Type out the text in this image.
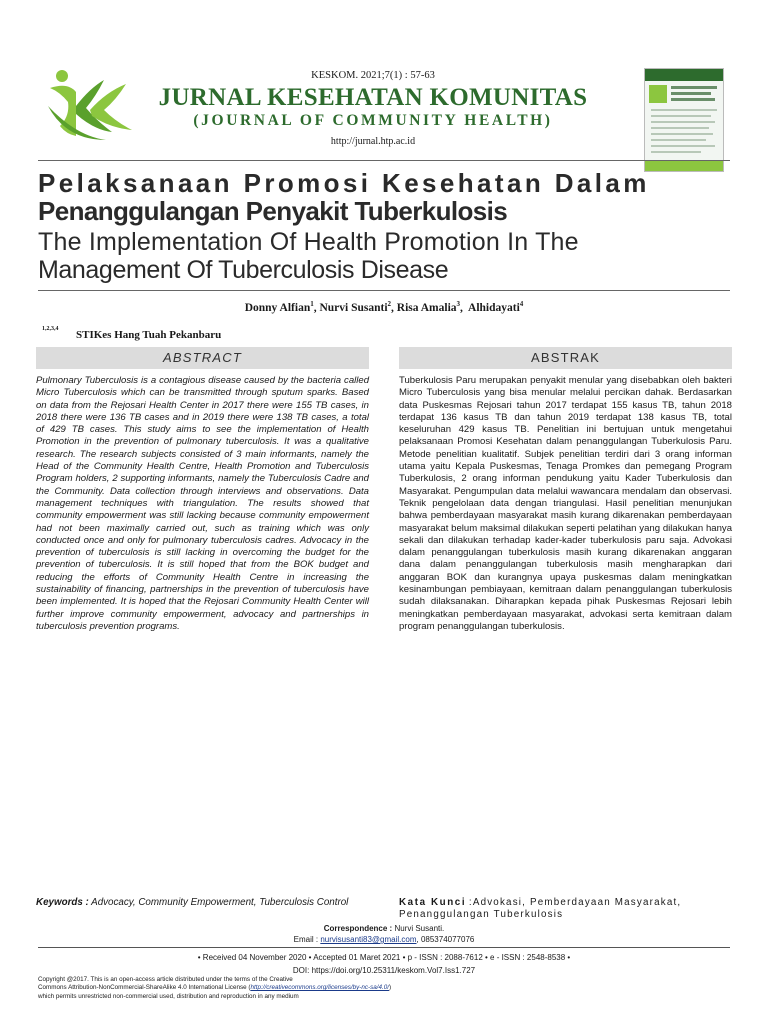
KESKOM. 2021;7(1) : 57-63
JURNAL KESEHATAN KOMUNITAS
(JOURNAL OF COMMUNITY HEALTH)
http://jurnal.htp.ac.id
Pelaksanaan Promosi Kesehatan Dalam
Penanggulangan Penyakit Tuberkulosis
The Implementation Of Health Promotion In The
Management Of Tuberculosis Disease
Donny Alfian$^1$, Nurvi Susanti$^2$, Risa Amalia$^3$,  Alhidayati$^4$
1,2,3,4 STIKes Hang Tuah Pekanbaru
ABSTRACT	ABSTRAK
Pulmonary Tuberculosis is a contagious disease caused by the bacteria called Micro Tuberculosis which can be transmitted through sputum sparks. Based on data from the Rejosari Health Center in 2017 there were 155 TB cases, in 2018 there were 136 TB cases and in 2019 there were 138 TB cases, a total of 429 TB cases. This study aims to see the implementation of Health Promotion in the prevention of pulmonary tuberculosis. It was a qualitative research. The research subjects consisted of 3 main informants, namely the Head of the Community Health Centre, Health Promotion and Tuberculosis Program holders, 2 supporting informants, namely the Tuberculosis Cadre and the Community. Data collection through interviews and observations. Data management techniques with triangulation. The results showed that community empowerment was still lacking because community empowerment had not been maximally carried out, such as training which was only conducted once and only for pulmonary tuberculosis cadres. Advocacy in the prevention of tuberculosis is still lacking in overcoming the budget for the prevention of tuberculosis. It is still hoped that from the BOK budget and reducing the efforts of Community Health Centre in increasing the sustainability of financing, partnerships in the prevention of tuberculosis have been implemented. It is hoped that the Rejosari Community Health Center will further improve community empowerment, advocacy and partnerships in tuberculosis prevention programs.
Tuberkulosis Paru merupakan penyakit menular yang disebabkan oleh bakteri Micro Tuberculosis yang bisa menular melalui percikan dahak. Berdasarkan data Puskesmas Rejosari tahun 2017 terdapat 155 kasus TB, tahun 2018 terdapat 136 kasus TB dan tahun 2019 terdapat 138 kasus TB, total keseluruhan 429 kasus TB. Penelitian ini bertujuan untuk mengetahui pelaksanaan Promosi Kesehatan dalam penanggulangan Tuberkulosis Paru. Metode penelitian kualitatif. Subjek penelitian terdiri dari 3 orang informan utama yaitu Kepala Puskesmas, Tenaga Promkes dan pemegang Program Tuberkulosis, 2 orang informan pendukung yaitu Kader Tuberkulosis dan Masyarakat. Pengumpulan data melalui wawancara mendalam dan observasi. Teknik pengelolaan data dengan triangulasi. Hasil penelitian menunjukan bahwa pemberdayaan masyarakat masih kurang dikarenakan pemberdayaan masyarakat belum maksimal dilakukan seperti pelatihan yang dilakukan hanya sekali dan dilakukan terhadap kader-kader tuberkulosis paru saja. Advokasi dalam penanggulangan tuberkulosis masih kurang dikarenakan anggaran dana dalam penanggulangan tuberkulosis masih mengharapkan dari anggaran BOK dan kurangnya upaya puskesmas dalam meningkatkan kesinambungan pembiayaan, kemitraan dalam penanggulangan tuberkulosis sudah dilaksanakan. Diharapkan kepada pihak Puskesmas Rejosari lebih meningkatkan pemberdayaan masyarakat, advokasi serta kemitraan dalam program penanggulangan tuberkulosis.
Keywords : Advocacy, Community Empowerment, Tuberculosis Control	Kata Kunci :Advokasi, Pemberdayaan Masyarakat, Penanggulangan Tuberkulosis
Correspondence : Nurvi Susanti.
Email : nurvisusanti83@gmail.com, 085374077076
• Received 04 November 2020 • Accepted 01 Maret 2021 • p - ISSN : 2088-7612 • e - ISSN : 2548-8538 •
DOI: https://doi.org/10.25311/keskom.Vol7.Iss1.727
Copyright @2017. This is an open-access article distributed under the terms of the Creative
Commons Attribution-NonCommercial-ShareAlike 4.0 International License (http://creativecommons.org/licenses/by-nc-sa/4.0/)
which permits unrestricted non-commercial used, distribution and reproduction in any medium
